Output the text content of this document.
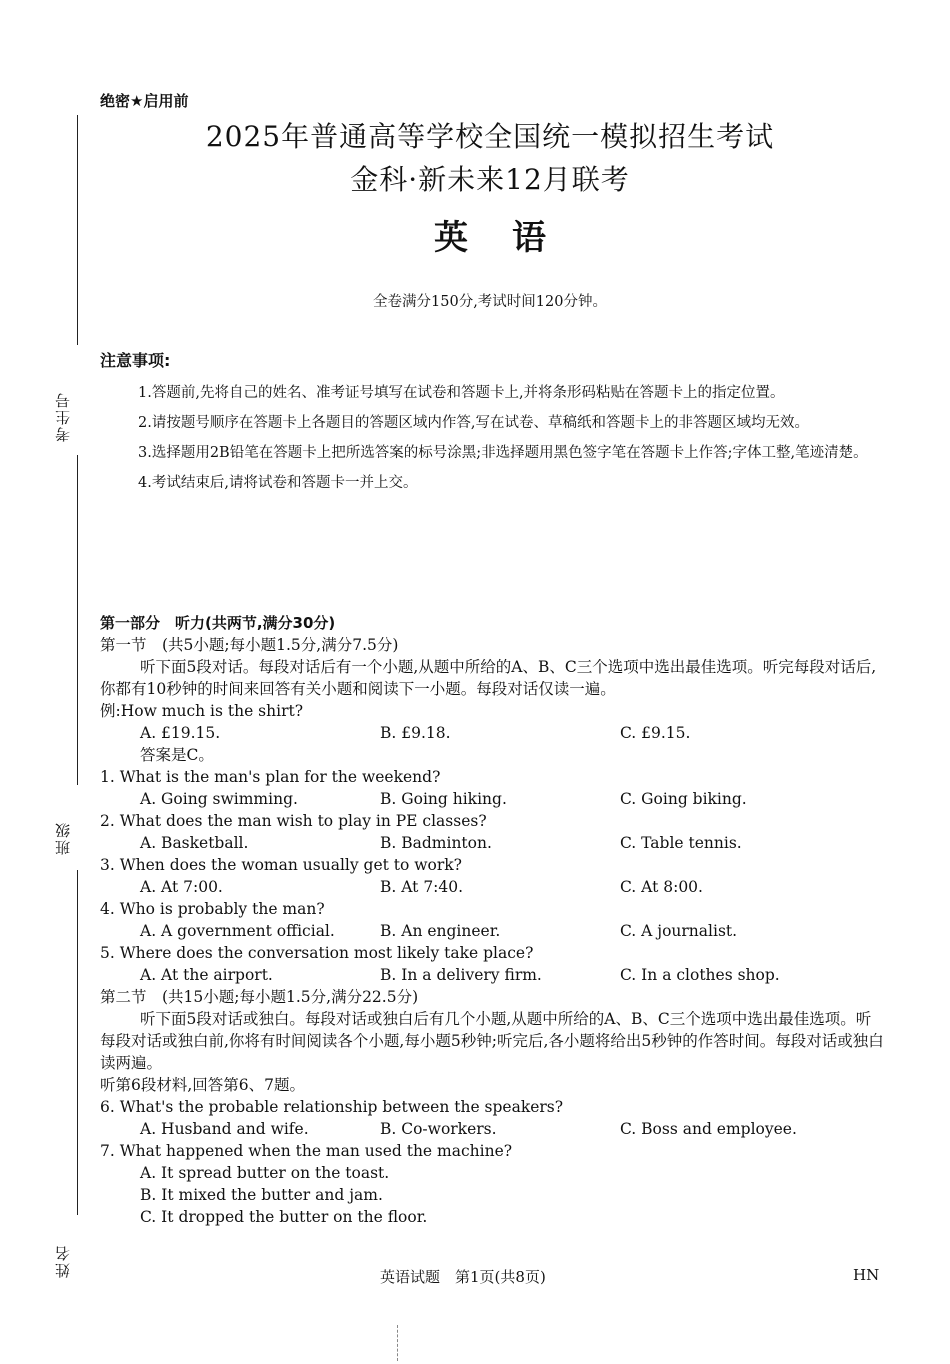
考生号
班级
姓名
绝密★启用前
2025年普通高等学校全国统一模拟招生考试
金科·新未来12月联考
英语
全卷满分150分,考试时间120分钟。
注意事项:
1.答题前,先将自己的姓名、准考证号填写在试卷和答题卡上,并将条形码粘贴在答题卡上的指定位置。
2.请按题号顺序在答题卡上各题目的答题区域内作答,写在试卷、草稿纸和答题卡上的非答题区域均无效。
3.选择题用2B铅笔在答题卡上把所选答案的标号涂黑;非选择题用黑色签字笔在答题卡上作答;字体工整,笔迹清楚。
4.考试结束后,请将试卷和答题卡一并上交。
第一部分　听力(共两节,满分30分)
第一节　(共5小题;每小题1.5分,满分7.5分)
听下面5段对话。每段对话后有一个小题,从题中所给的A、B、C三个选项中选出最佳选项。听完每段对话后,你都有10秒钟的时间来回答有关小题和阅读下一小题。每段对话仅读一遍。
例:How much is the shirt?
A. £19.15.	B. £9.18.	C. £9.15.
答案是C。
1. What is the man's plan for the weekend?
A. Going swimming.	B. Going hiking.	C. Going biking.
2. What does the man wish to play in PE classes?
A. Basketball.	B. Badminton.	C. Table tennis.
3. When does the woman usually get to work?
A. At 7:00.	B. At 7:40.	C. At 8:00.
4. Who is probably the man?
A. A government official.	B. An engineer.	C. A journalist.
5. Where does the conversation most likely take place?
A. At the airport.	B. In a delivery firm.	C. In a clothes shop.
第二节　(共15小题;每小题1.5分,满分22.5分)
听下面5段对话或独白。每段对话或独白后有几个小题,从题中所给的A、B、C三个选项中选出最佳选项。听每段对话或独白前,你将有时间阅读各个小题,每小题5秒钟;听完后,各小题将给出5秒钟的作答时间。每段对话或独白读两遍。
听第6段材料,回答第6、7题。
6. What's the probable relationship between the speakers?
A. Husband and wife.	B. Co-workers.	C. Boss and employee.
7. What happened when the man used the machine?
A. It spread butter on the toast.
B. It mixed the butter and jam.
C. It dropped the butter on the floor.
英语试题　第1页(共8页)	HN
